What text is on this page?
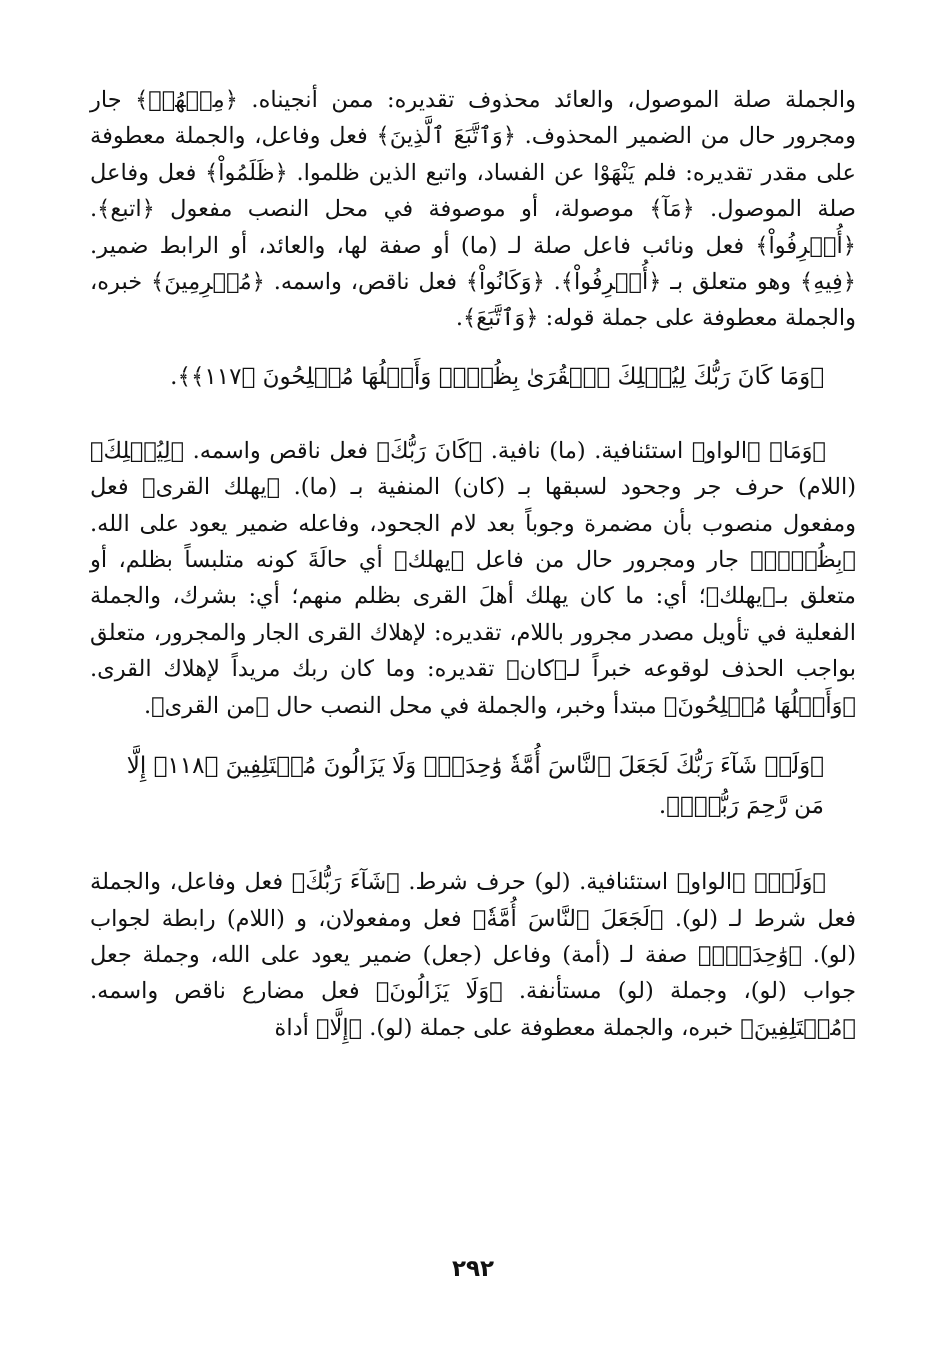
والجملة صلة الموصول، والعائد محذوف تقديره: ممن أنجيناه. ﴿مِنۡهُمۡ﴾ جار ومجرور حال من الضمير المحذوف. ﴿وَٱتَّبَعَ ٱلَّذِينَ﴾ فعل وفاعل، والجملة معطوفة على مقدر تقديره: فلم يَنْهَوْا عن الفساد، واتبع الذين ظلموا. ﴿ظَلَمُواْ﴾ فعل وفاعل صلة الموصول. ﴿مَآ﴾ موصولة، أو موصوفة في محل النصب مفعول ﴿اتبع﴾. ﴿أُتۡرِفُواْ﴾ فعل ونائب فاعل صلة لـ (ما) أو صفة لها، والعائد، أو الرابط ضمير. ﴿فِيهِ﴾ وهو متعلق بـ ﴿أُتۡرِفُواْ﴾. ﴿وَكَانُواْ﴾ فعل ناقص، واسمه. ﴿مُجۡرِمِينَ﴾ خبره، والجملة معطوفة على جملة قوله: ﴿وَٱتَّبَعَ﴾.

﴿وَمَا كَانَ رَبُّكَ لِيُهۡلِكَ ٱلۡقُرَىٰ بِظُلۡمٖ وَأَهۡلُهَا مُصۡلِحُونَ ﴿١١٧﴾﴾.

﴿وَمَا﴾ ﴿الواو﴾ استئنافية. (ما) نافية. ﴿كَانَ رَبُّكَ﴾ فعل ناقص واسمه. ﴿لِيُهۡلِكَ﴾ (اللام) حرف جر وجحود لسبقها بـ (كان) المنفية بـ (ما). ﴿يهلك القرى﴾ فعل ومفعول منصوب بأن مضمرة وجوباً بعد لام الجحود، وفاعله ضمير يعود على الله. ﴿بِظُلۡمٖ﴾ جار ومجرور حال من فاعل ﴿يهلك﴾ أي حالَةَ كونه متلبساً بظلم، أو متعلق بـ﴿يهلك﴾؛ أي: ما كان يهلك أهلَ القرى بظلم منهم؛ أي: بشرك، والجملة الفعلية في تأويل مصدر مجرور باللام، تقديره: لإهلاك القرى الجار والمجرور، متعلق بواجب الحذف لوقوعه خبراً لـ﴿كان﴾ تقديره: وما كان ربك مريداً لإهلاك القرى. ﴿وَأَهۡلُهَا مُصۡلِحُونَ﴾ مبتدأ وخبر، والجملة في محل النصب حال ﴿من القرى﴾.

﴿وَلَوۡ شَآءَ رَبُّكَ لَجَعَلَ ٱلنَّاسَ أُمَّةٗ وَٰحِدَةٗۖ وَلَا يَزَالُونَ مُخۡتَلِفِينَ ﴿١١٨﴾ إِلَّا مَن رَّحِمَ رَبُّكَۚ﴾.

﴿وَلَوۡ﴾ ﴿الواو﴾ استئنافية. (لو) حرف شرط. ﴿شَآءَ رَبُّكَ﴾ فعل وفاعل، والجملة فعل شرط لـ (لو). ﴿لَجَعَلَ ٱلنَّاسَ أُمَّةٗ﴾ فعل ومفعولان، و (اللام) رابطة لجواب (لو). ﴿وَٰحِدَةٗۖ﴾ صفة لـ (أمة) وفاعل (جعل) ضمير يعود على الله، وجملة جعل جواب (لو)، وجملة (لو) مستأنفة. ﴿وَلَا يَزَالُونَ﴾ فعل مضارع ناقص واسمه. ﴿مُخۡتَلِفِينَ﴾ خبره، والجملة معطوفة على جملة (لو). ﴿إِلَّا﴾ أداة

٢٩٢
